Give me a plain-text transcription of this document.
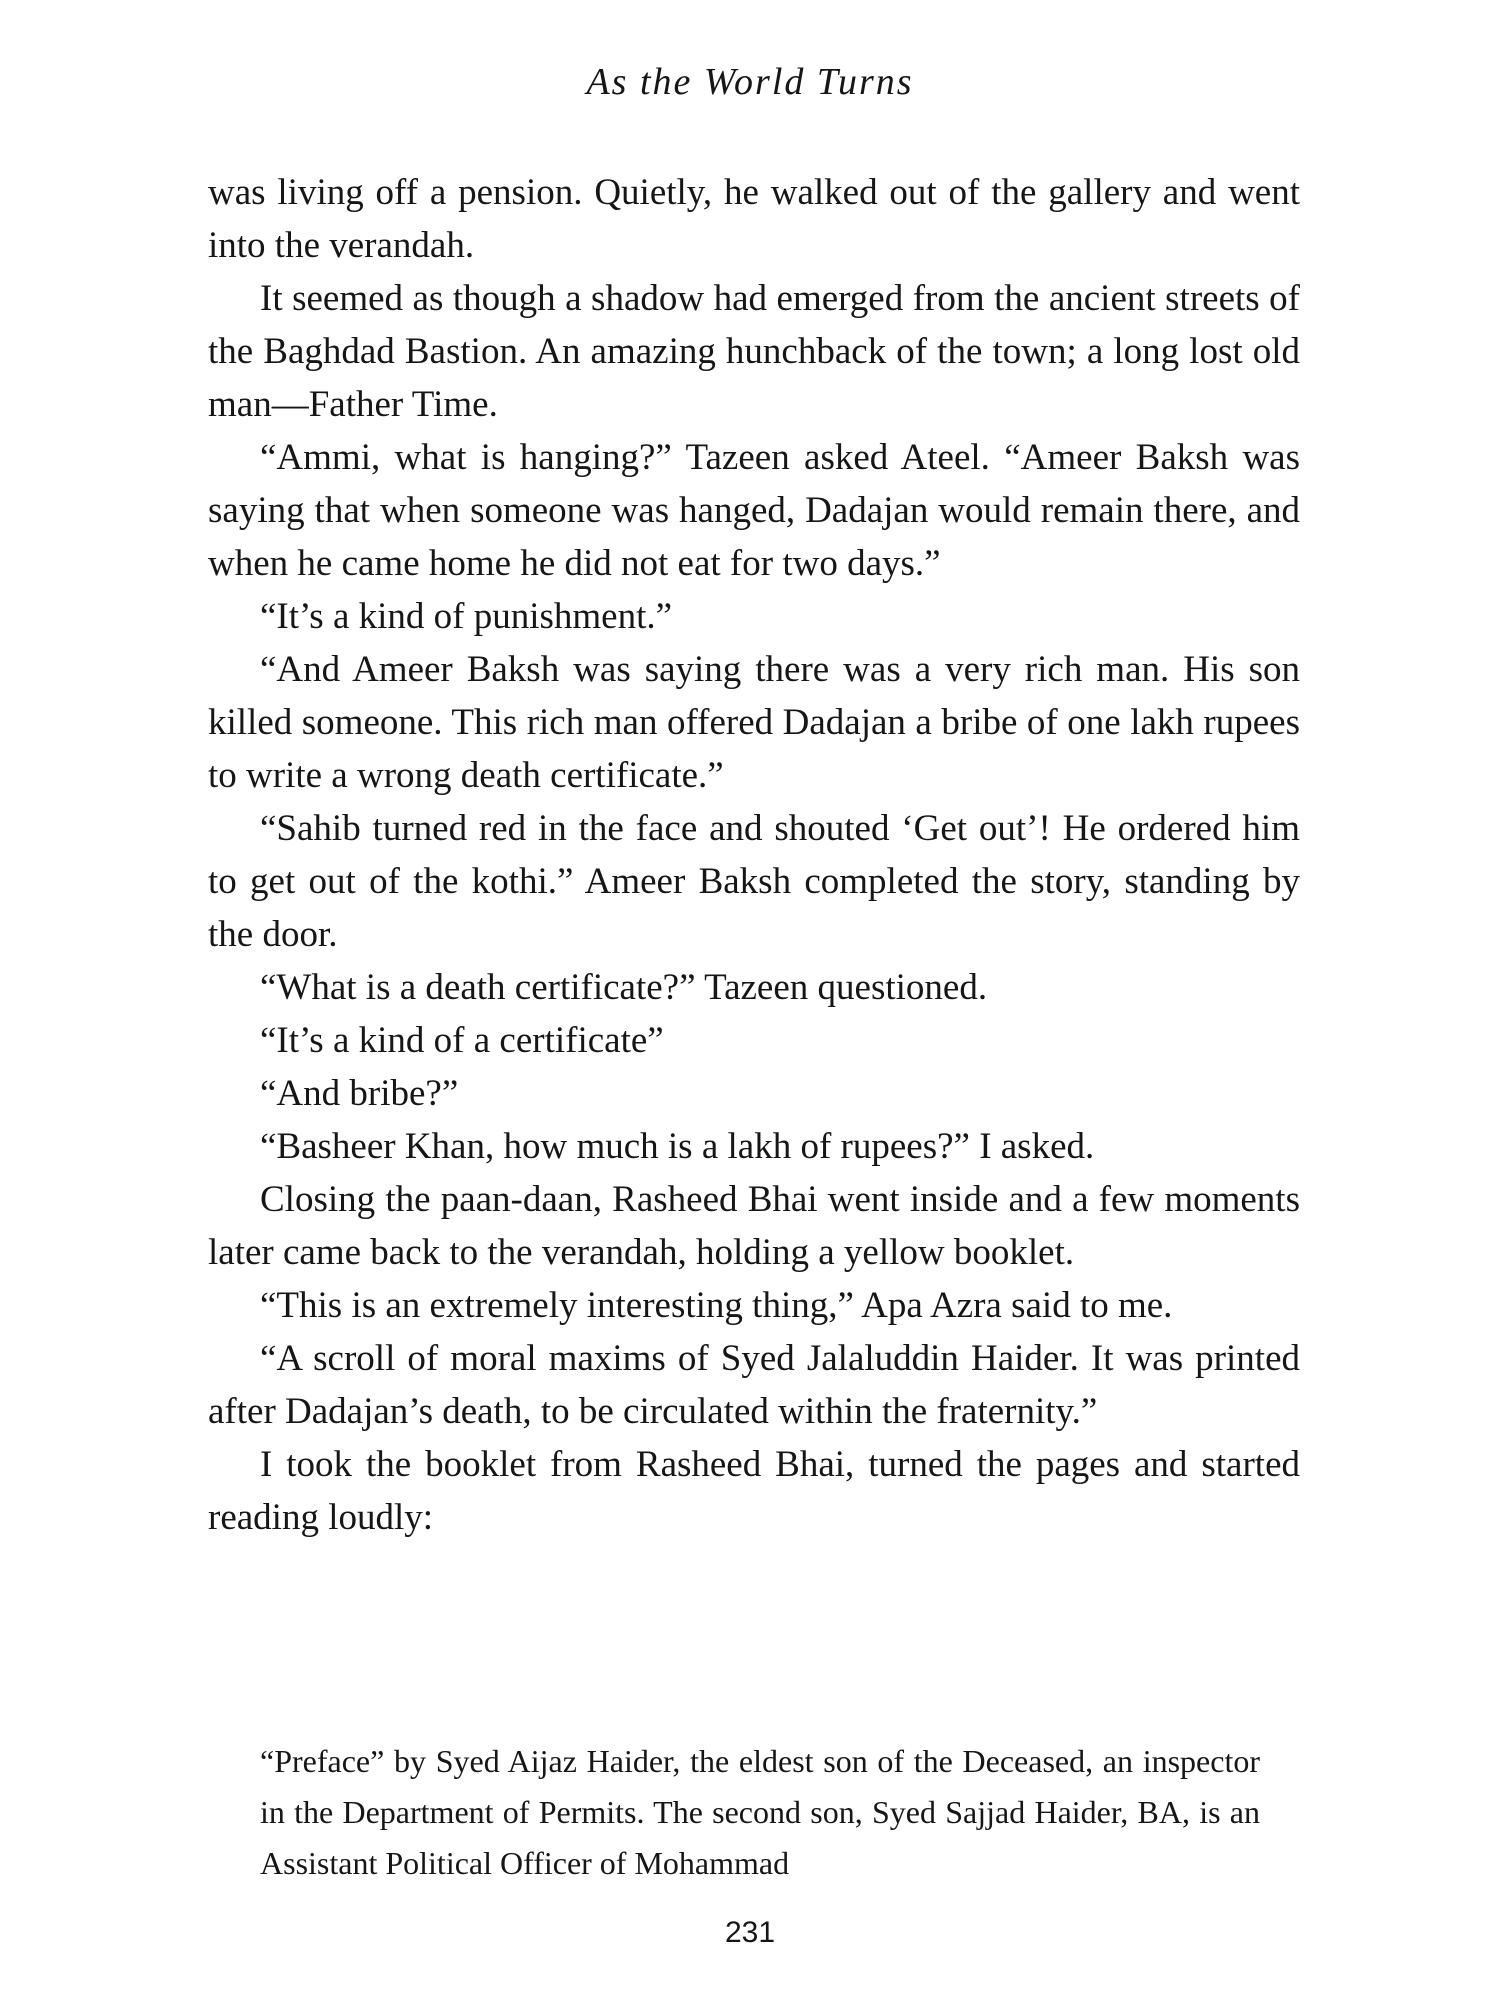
As the World Turns

was living off a pension. Quietly, he walked out of the gallery and went into the verandah.

It seemed as though a shadow had emerged from the ancient streets of the Baghdad Bastion. An amazing hunchback of the town; a long lost old man—Father Time.

“Ammi, what is hanging?” Tazeen asked Ateel. “Ameer Baksh was saying that when someone was hanged, Dadajan would remain there, and when he came home he did not eat for two days.”

“It’s a kind of punishment.”

“And Ameer Baksh was saying there was a very rich man. His son killed someone. This rich man offered Dadajan a bribe of one lakh rupees to write a wrong death certificate.”

“Sahib turned red in the face and shouted ‘Get out’! He ordered him to get out of the kothi.” Ameer Baksh completed the story, standing by the door.

“What is a death certificate?” Tazeen questioned.

“It’s a kind of a certificate”

“And bribe?”

“Basheer Khan, how much is a lakh of rupees?” I asked.

Closing the paan-daan, Rasheed Bhai went inside and a few moments later came back to the verandah, holding a yellow booklet.

“This is an extremely interesting thing,” Apa Azra said to me.

“A scroll of moral maxims of Syed Jalaluddin Haider. It was printed after Dadajan’s death, to be circulated within the fraternity.”

I took the booklet from Rasheed Bhai, turned the pages and started reading loudly:

“Preface” by Syed Aijaz Haider, the eldest son of the Deceased, an inspector in the Department of Permits. The second son, Syed Sajjad Haider, BA, is an Assistant Political Officer of Mohammad

231
